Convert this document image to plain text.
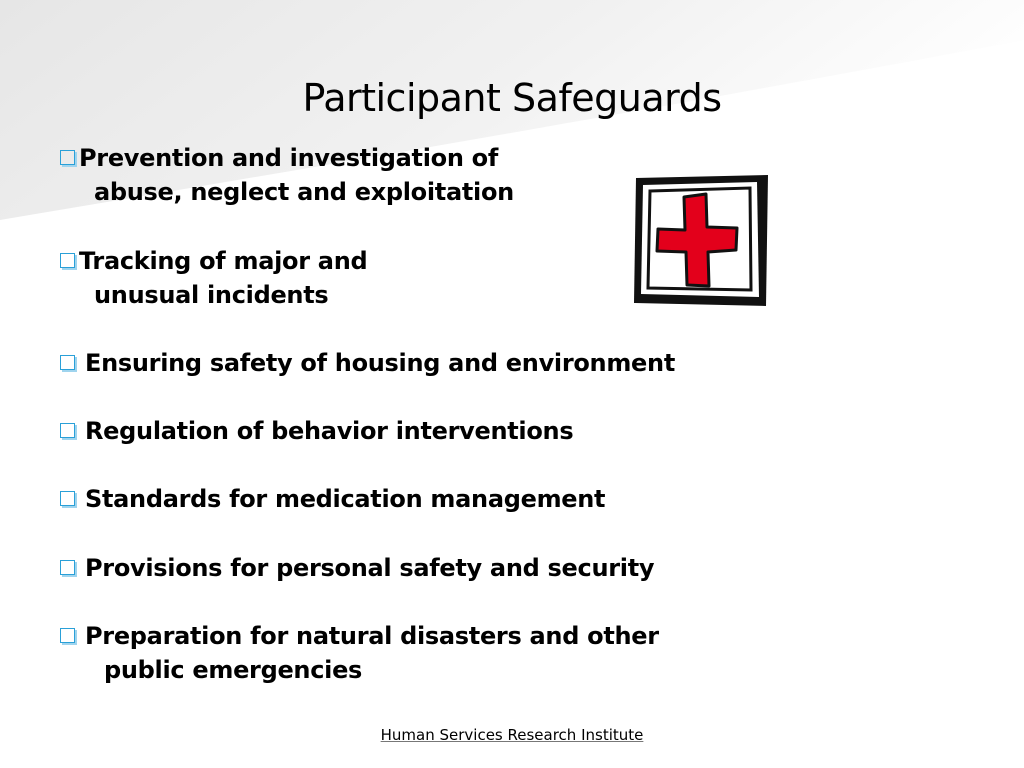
Participant Safeguards
Prevention and investigation of
abuse, neglect and exploitation
Tracking of major and
unusual incidents
Ensuring safety of housing and environment
Regulation of behavior interventions
Standards for medication management
Provisions for personal safety and security
Preparation for natural disasters and other
public emergencies
Human Services Research Institute
